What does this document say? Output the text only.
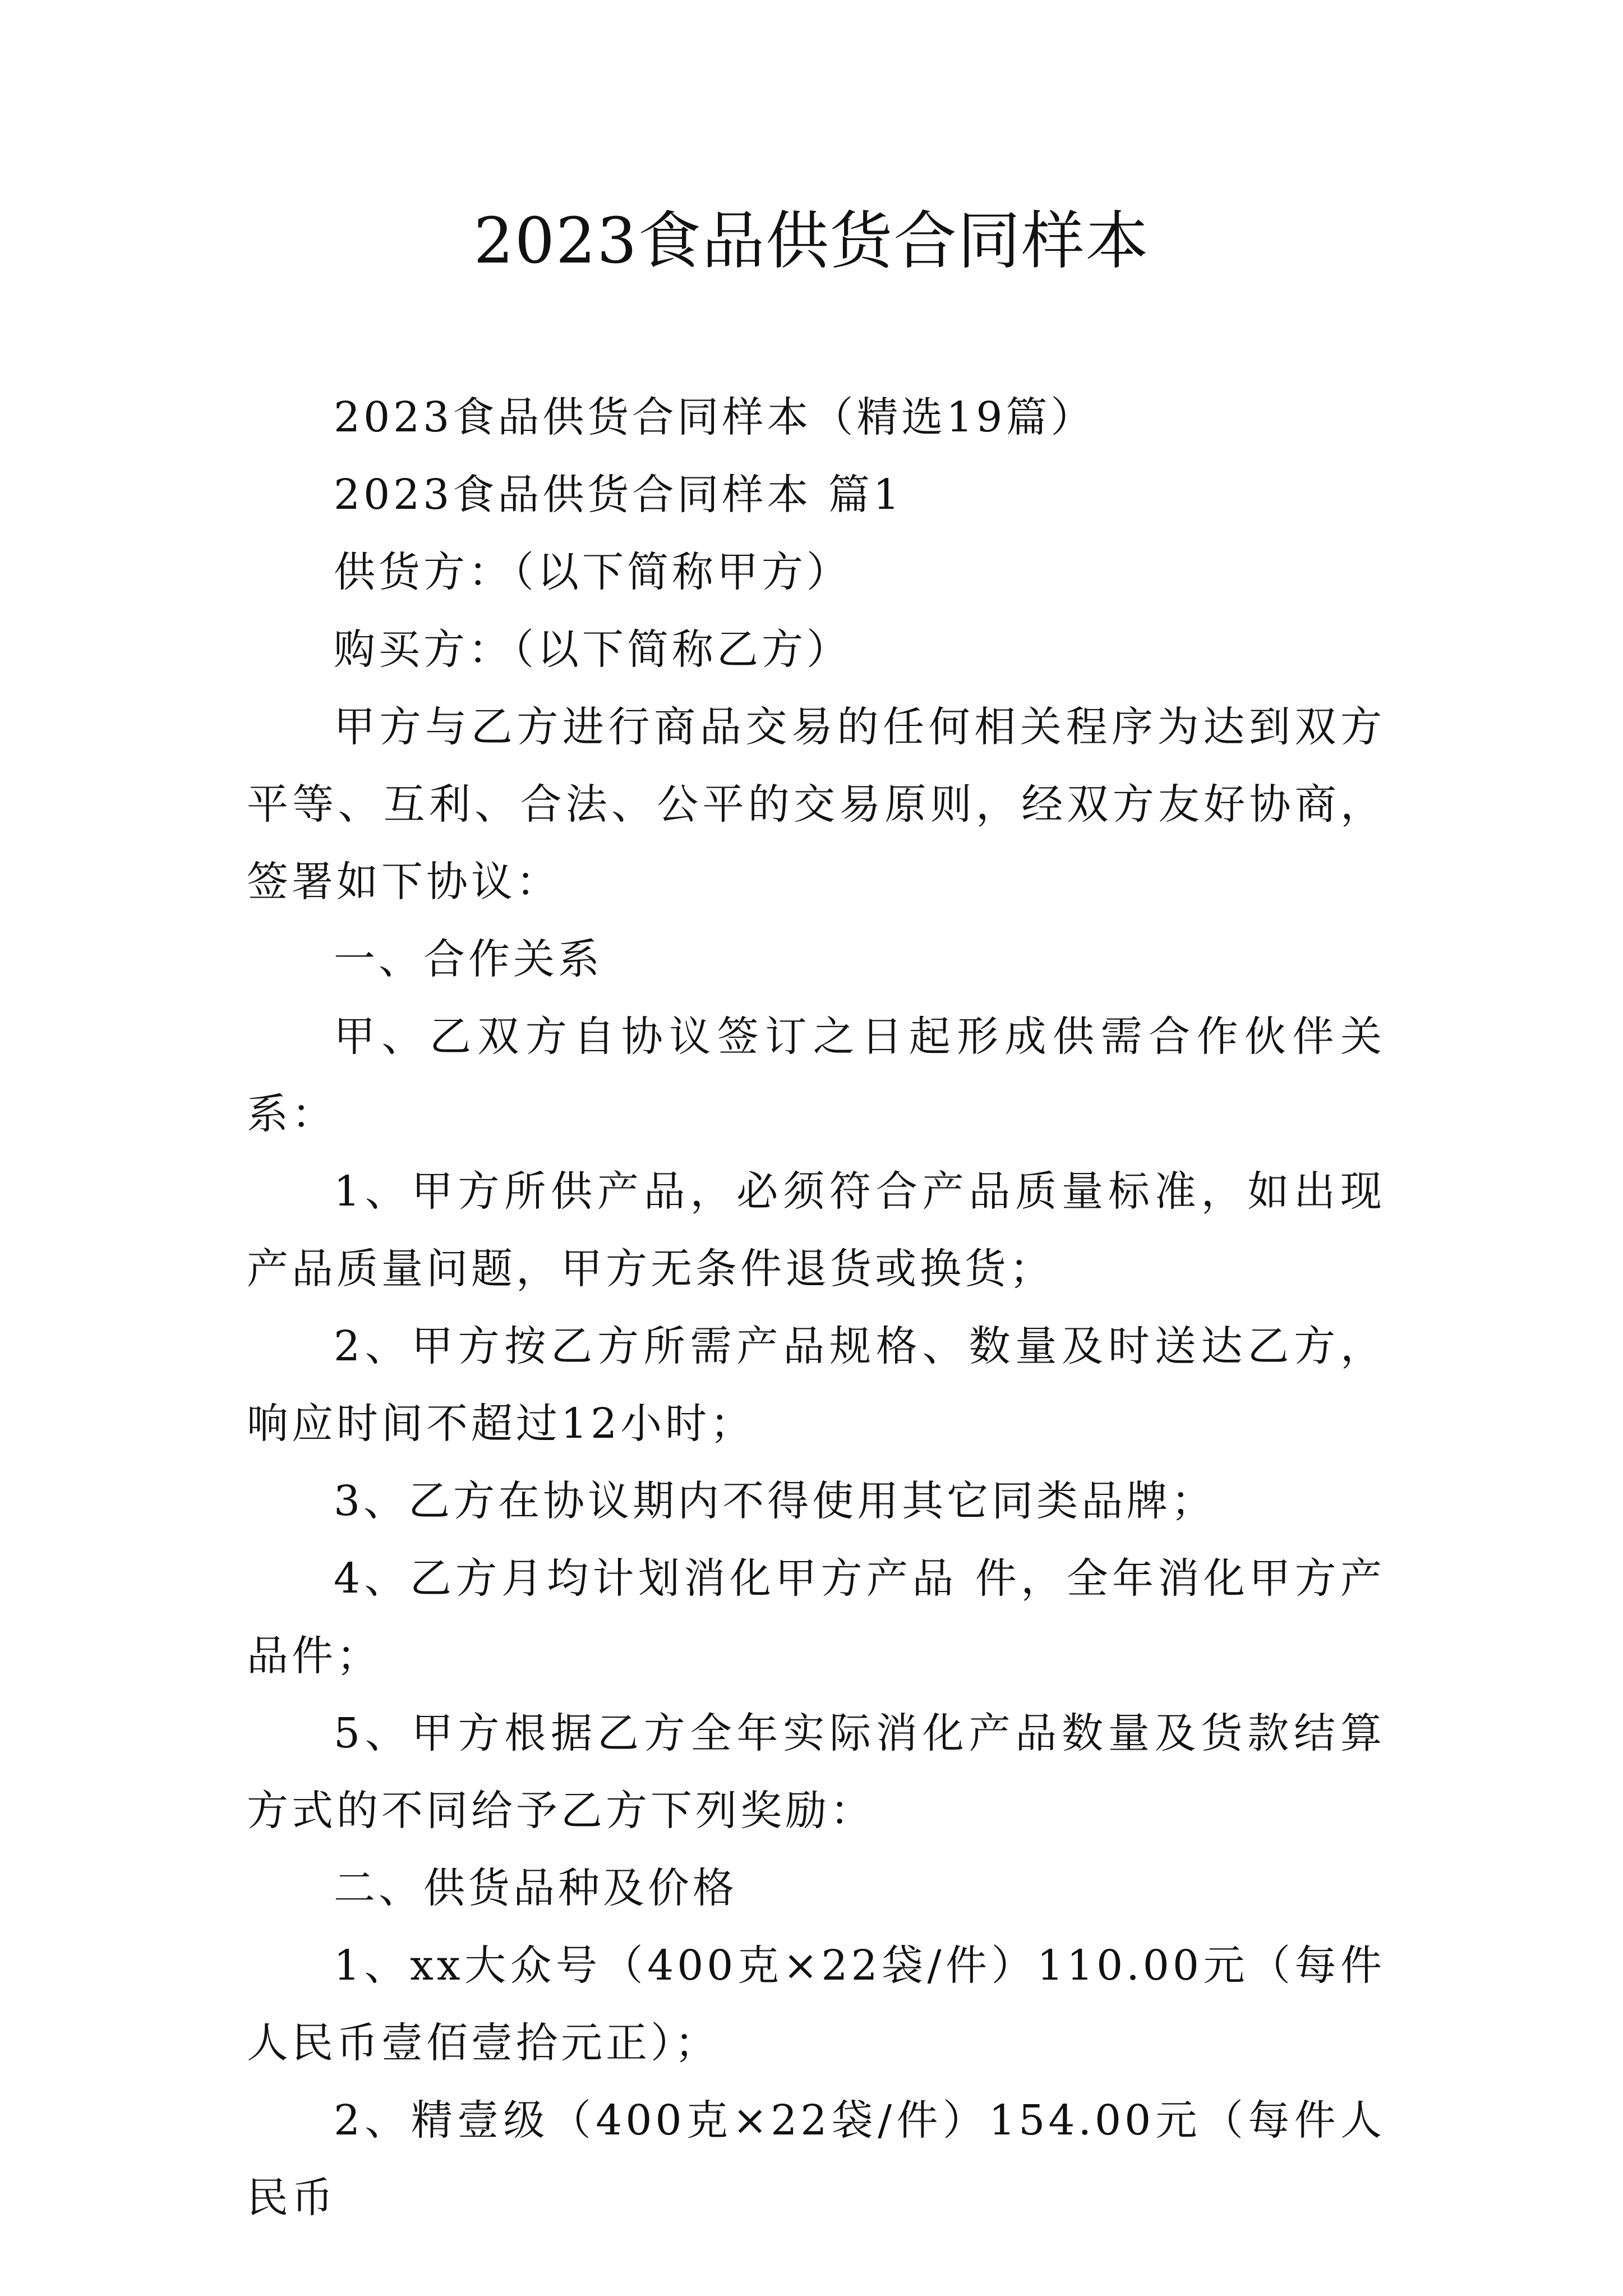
2023食品供货合同样本

2023食品供货合同样本（精选19篇）

2023食品供货合同样本 篇1

供货方：（以下简称甲方）

购买方：（以下简称乙方）

甲方与乙方进行商品交易的任何相关程序为达到双方平等、互利、合法、公平的交易原则，经双方友好协商，签署如下协议：

一、合作关系

甲、乙双方自协议签订之日起形成供需合作伙伴关系：

1、甲方所供产品，必须符合产品质量标准，如出现产品质量问题，甲方无条件退货或换货；

2、甲方按乙方所需产品规格、数量及时送达乙方，响应时间不超过12小时；

3、乙方在协议期内不得使用其它同类品牌；

4、乙方月均计划消化甲方产品 件，全年消化甲方产品件；

5、甲方根据乙方全年实际消化产品数量及货款结算方式的不同给予乙方下列奖励：

二、供货品种及价格

1、xx大众号（400克×22袋/件）110.00元（每件人民币壹佰壹拾元正）；

2、精壹级（400克×22袋/件）154.00元（每件人民币
